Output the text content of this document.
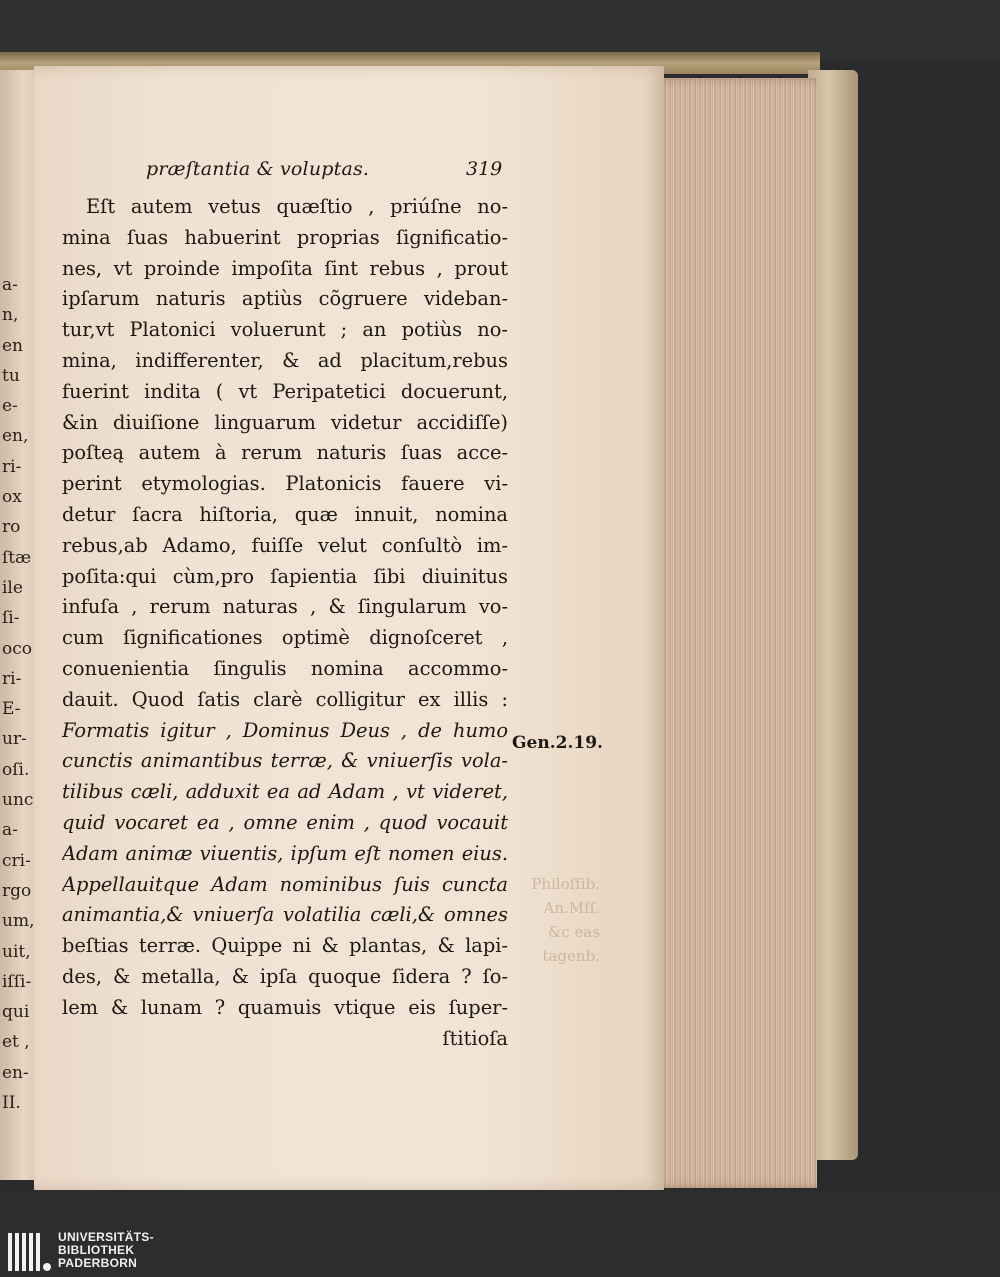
a-
n,
en
tu
e-
en,
ri-
ox
ro
ſtæ
ile
ſi-
oco
ri-
E-
ur-
oſi.
unc
a-
cri-
rgo
um,
uit,
iſſi-
qui
et ,
en-
II.
præſtantia & voluptas.	319
Eſt autem vetus quæſtio , priúſne no-
mina ſuas habuerint proprias ſignificatio-
nes, vt proinde impoſita ſint rebus , prout
ipſarum naturis aptiùs cõgruere videban-
tur,vt Platonici voluerunt ; an potiùs no-
mina, indifferenter, & ad placitum,rebus
fuerint indita ( vt Peripatetici docuerunt,
&in diuiſione linguarum videtur accidiſſe)
poſteą autem à rerum naturis ſuas acce-
perint etymologias. Platonicis fauere vi-
detur ſacra hiſtoria, quæ innuit, nomina
rebus,ab Adamo, fuiſſe velut conſultò im-
poſita:qui cùm,pro ſapientia ſibi diuinitus
infuſa , rerum naturas , & ſingularum vo-
cum ſignificationes optimè dignoſceret ,
conuenientia ſingulis nomina accommo-
dauit. Quod ſatis clarè colligitur ex illis :
Formatis igitur , Dominus Deus , de humo
cunctis animantibus terræ, & vniuerſis vola-
tilibus cæli, adduxit ea ad Adam , vt videret,
quid vocaret ea , omne enim , quod vocauit
Adam animæ viuentis, ipſum eſt nomen eius.
Appellauitque Adam nominibus ſuis cuncta
animantia,& vniuerſa volatilia cæli,& omnes
beſtias terræ. Quippe ni & plantas, & lapi-
des, & metalla, & ipſa quoque ſidera ? ſo-
lem & lunam ? quamuis vtique eis ſuper-
ſtitioſa
Gen.2.19.
Philoſſib.
An.Mſſ.
&c eas
tagenb.
UNIVERSITÄTS-
BIBLIOTHEK
PADERBORN
